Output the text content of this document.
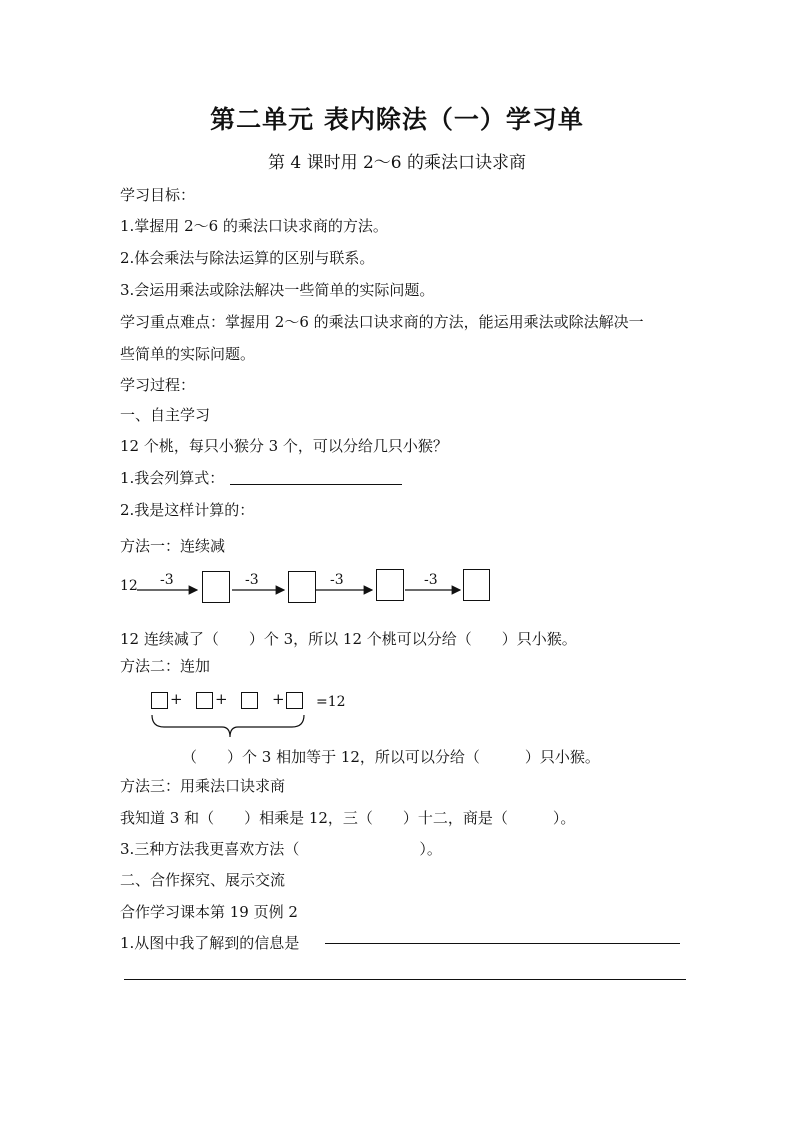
第二单元 表内除法（一）学习单
第 4 课时用 2～6 的乘法口诀求商
学习目标：
1.掌握用 2～6 的乘法口诀求商的方法。
2.体会乘法与除法运算的区别与联系。
3.会运用乘法或除法解决一些简单的实际问题。
学习重点难点：掌握用 2～6 的乘法口诀求商的方法，能运用乘法或除法解决一
些简单的实际问题。
学习过程：
一、自主学习
12 个桃，每只小猴分 3 个，可以分给几只小猴？
1.我会列算式：
2.我是这样计算的：
方法一：连续减
12 -3	-3	-3	-3
12 连续减了（　　）个 3，所以 12 个桃可以分给（　　）只小猴。
方法二：连加
+ +	+ =12
（　　）个 3 相加等于 12，所以可以分给（　　　）只小猴。
方法三：用乘法口诀求商
我知道 3 和（　　）相乘是 12，三（　　）十二，商是（　　　）。
3.三种方法我更喜欢方法（　　　　　　　　）。
二、合作探究、展示交流
合作学习课本第 19 页例 2
1.从图中我了解到的信息是
